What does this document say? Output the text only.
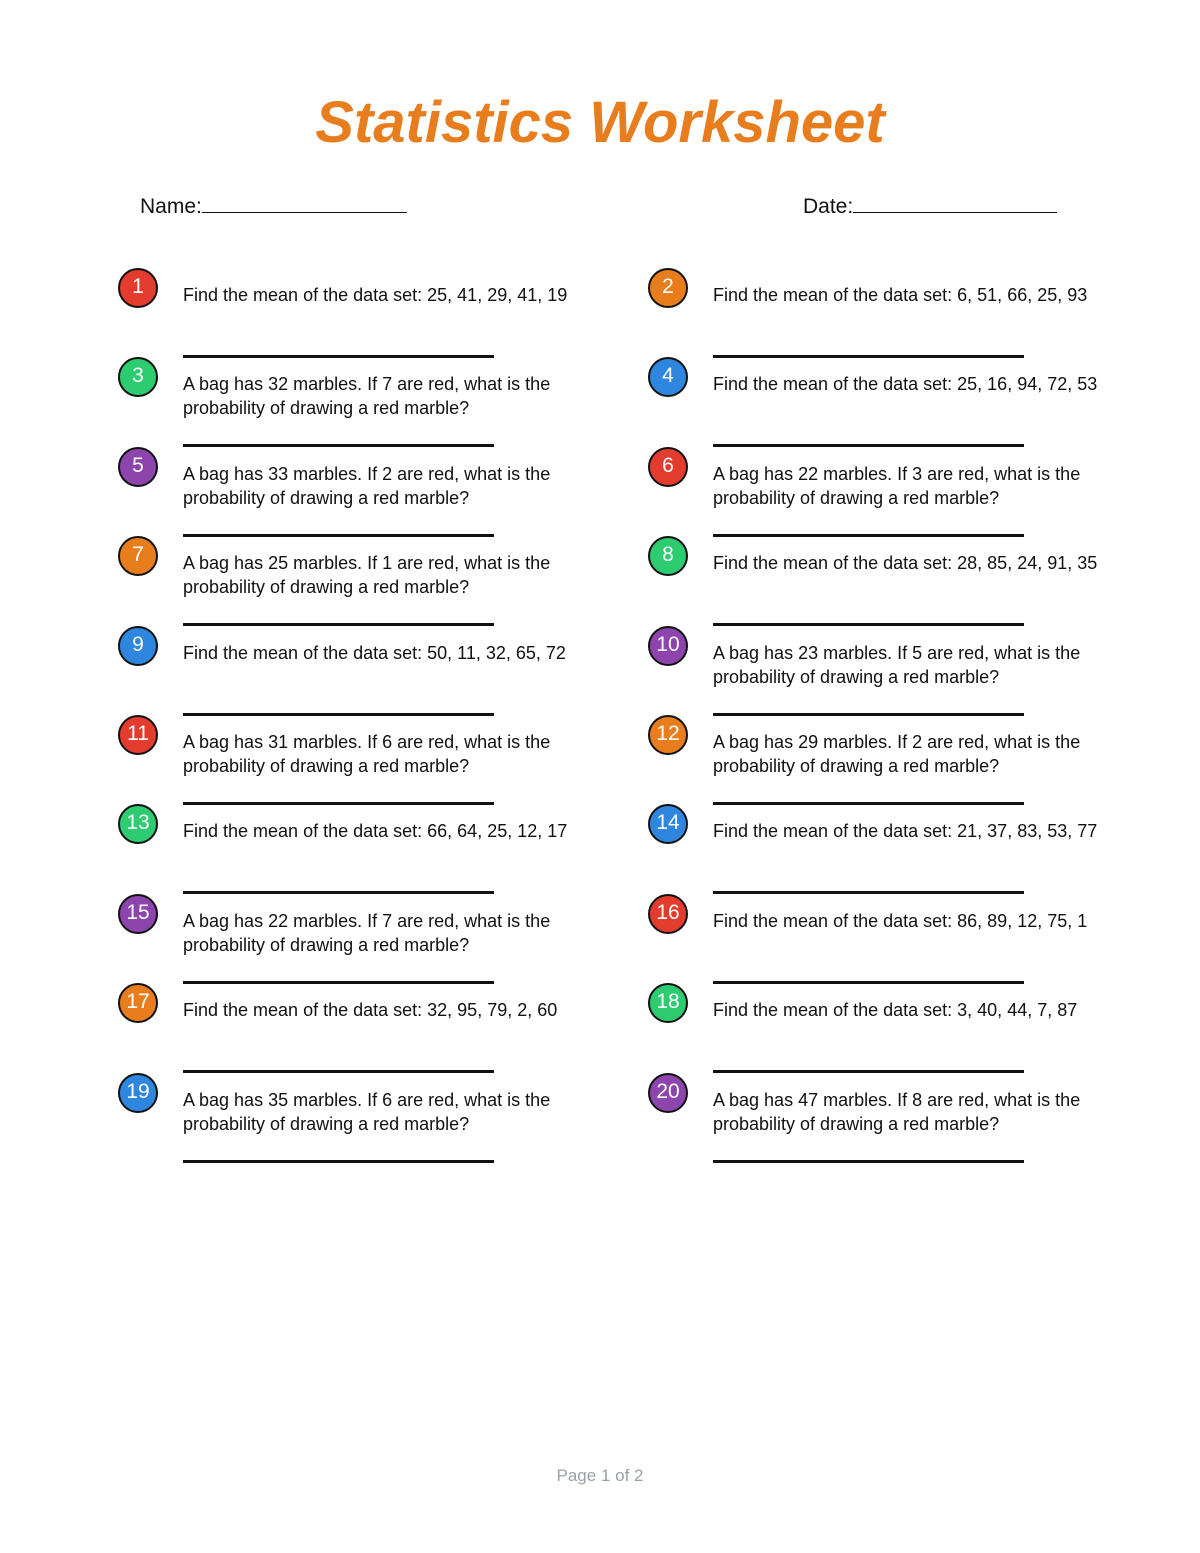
Statistics Worksheet
Name:	Date:
1	Find the mean of the data set: 25, 41, 29, 41, 19
3	A bag has 32 marbles. If 7 are red, what is the probability of drawing a red marble?
5	A bag has 33 marbles. If 2 are red, what is the probability of drawing a red marble?
7	A bag has 25 marbles. If 1 are red, what is the probability of drawing a red marble?
9	Find the mean of the data set: 50, 11, 32, 65, 72
11	A bag has 31 marbles. If 6 are red, what is the probability of drawing a red marble?
13	Find the mean of the data set: 66, 64, 25, 12, 17
15	A bag has 22 marbles. If 7 are red, what is the probability of drawing a red marble?
17	Find the mean of the data set: 32, 95, 79, 2, 60
19	A bag has 35 marbles. If 6 are red, what is the probability of drawing a red marble?
2	Find the mean of the data set: 6, 51, 66, 25, 93
4	Find the mean of the data set: 25, 16, 94, 72, 53
6	A bag has 22 marbles. If 3 are red, what is the probability of drawing a red marble?
8	Find the mean of the data set: 28, 85, 24, 91, 35
10	A bag has 23 marbles. If 5 are red, what is the probability of drawing a red marble?
12	A bag has 29 marbles. If 2 are red, what is the probability of drawing a red marble?
14	Find the mean of the data set: 21, 37, 83, 53, 77
16	Find the mean of the data set: 86, 89, 12, 75, 1
18	Find the mean of the data set: 3, 40, 44, 7, 87
20	A bag has 47 marbles. If 8 are red, what is the probability of drawing a red marble?
Page 1 of 2
